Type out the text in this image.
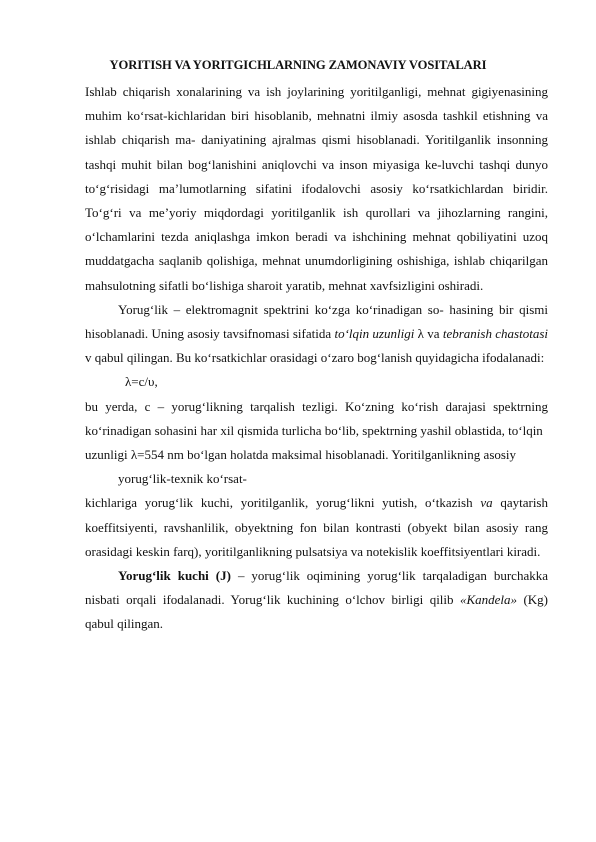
YORITISH VA YORITGICHLARNING ZAMONAVIY VOSITALARI

Ishlab chiqarish xonalarining va ish joylarining yoritilganligi, mehnat gigiyenasining muhim ko‘rsat-kichlaridan biri hisoblanib, mehnatni ilmiy asosda tashkil etishning va ishlab chiqarish ma- daniyatining ajralmas qismi hisoblanadi. Yoritilganlik insonning tashqi muhit bilan bog‘lanishini aniqlovchi va inson miyasiga ke-luvchi tashqi dunyo to‘g‘risidagi ma’lumotlarning sifatini ifodalovchi asosiy ko‘rsatkichlardan biridir. To‘g‘ri va me’yoriy miqdordagi yoritilganlik ish qurollari va jihozlarning rangini, o‘lchamlarini tezda aniqlashga imkon beradi va ishchining mehnat qobiliyatini uzoq muddatgacha saqlanib qolishiga, mehnat unumdorligining oshishiga, ishlab chiqarilgan mahsulotning sifatli bo‘lishiga sharoit yaratib, mehnat xavfsizligini oshiradi.

Yorug‘lik – elektromagnit spektrini ko‘zga ko‘rinadigan so- hasining bir qismi hisoblanadi. Uning asosiy tavsifnomasi sifatida to‘lqin uzunligi λ va tebranish chastotasi v qabul qilingan. Bu ko‘rsatkichlar orasidagi o‘zaro bog‘lanish quyidagicha ifodalanadi:

λ=c/υ,

bu yerda, c – yorug‘likning tarqalish tezligi. Ko‘zning ko‘rish darajasi spektrning ko‘rinadigan sohasini har xil qismida turlicha bo‘lib, spektrning yashil oblastida, to‘lqin

uzunligi λ=554 nm bo‘lgan holatda maksimal hisoblanadi. Yoritilganlikning asosiy

yorug‘lik-texnik ko‘rsat-

kichlariga yorug‘lik kuchi, yoritilganlik, yorug‘likni yutish, o‘tkazish va qaytarish koeffitsiyenti, ravshanlilik, obyektning fon bilan kontrasti (obyekt bilan asosiy rang orasidagi keskin farq), yoritilganlikning pulsatsiya va notekislik koeffitsiyentlari kiradi.

Yorug‘lik kuchi (J) – yorug‘lik oqimining yorug‘lik tarqaladigan burchakka nisbati orqali ifodalanadi. Yorug‘lik kuchining o‘lchov birligi qilib «Kandela» (Kg) qabul qilingan.
